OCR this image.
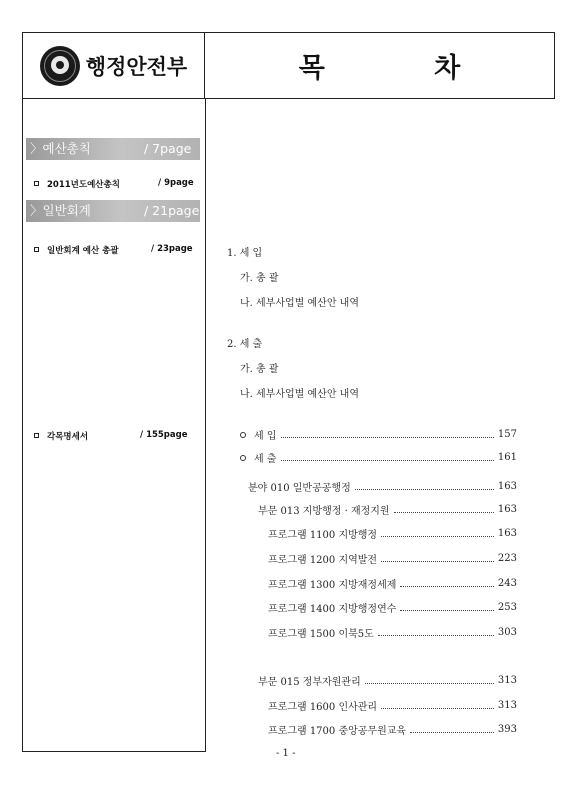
행정안전부	목 차
〉예산총칙	/ 7page
2011년도예산총칙	/ 9page
〉일반회계	/ 21page
일반회계 예산 총괄	/ 23page
각목명세서	/ 155page
1. 세 입
가. 총 괄
나. 세부사업별 예산안 내역
2. 세 출
가. 총 괄
나. 세부사업별 예산안 내역
세 입	157
세 출	161
분야 010 일반공공행정	163
부문 013 지방행정 · 재정지원	163
프로그램 1100 지방행정	163
프로그램 1200 지역발전	223
프로그램 1300 지방재정세제	243
프로그램 1400 지방행정연수	253
프로그램 1500 이북5도	303
부문 015 정부자원관리	313
프로그램 1600 인사관리	313
프로그램 1700 중앙공무원교육	393
- 1 -
